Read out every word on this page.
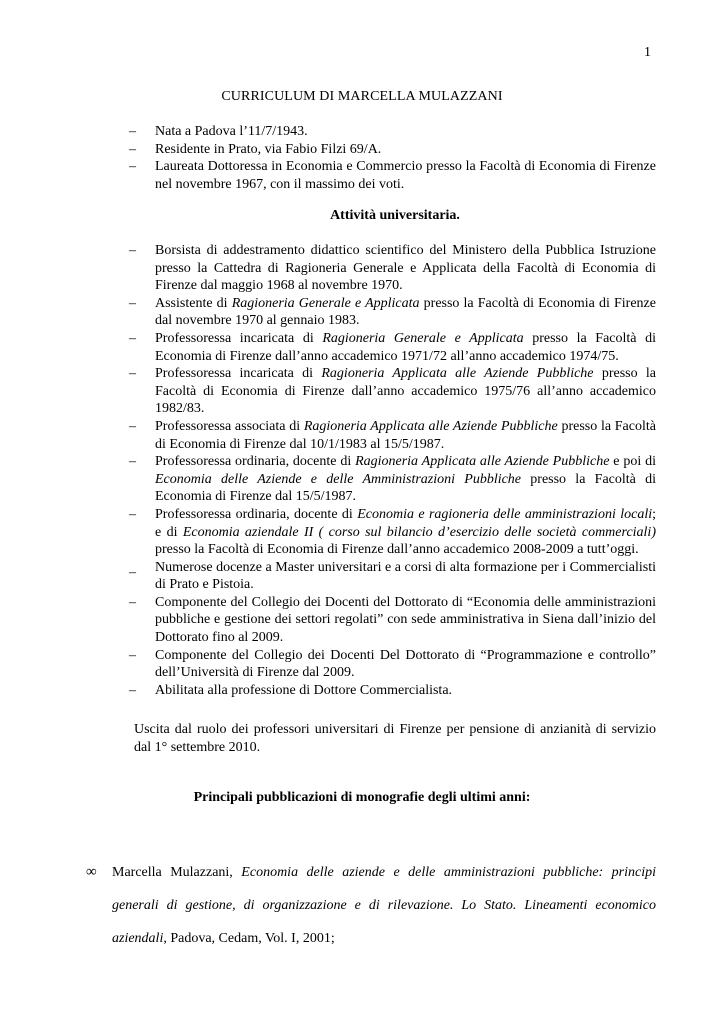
1
CURRICULUM DI MARCELLA MULAZZANI
– Nata a Padova l’11/7/1943.
– Residente in Prato, via Fabio Filzi 69/A.
– Laureata Dottoressa in Economia e Commercio presso la Facoltà di Economia di Firenze nel novembre 1967, con il massimo dei voti.
Attività universitaria.
– Borsista di addestramento didattico scientifico del Ministero della Pubblica Istruzione presso la Cattedra di Ragioneria Generale e Applicata della Facoltà di Economia di Firenze dal maggio 1968 al novembre 1970.
– Assistente di Ragioneria Generale e Applicata presso la Facoltà di Economia di Firenze dal novembre 1970 al gennaio 1983.
– Professoressa incaricata di Ragioneria Generale e Applicata presso la Facoltà di Economia di Firenze dall’anno accademico 1971/72 all’anno accademico 1974/75.
– Professoressa incaricata di Ragioneria Applicata alle Aziende Pubbliche presso la Facoltà di Economia di Firenze dall’anno accademico 1975/76 all’anno accademico 1982/83.
– Professoressa associata di Ragioneria Applicata alle Aziende Pubbliche presso la Facoltà di Economia di Firenze dal 10/1/1983 al 15/5/1987.
– Professoressa ordinaria, docente di Ragioneria Applicata alle Aziende Pubbliche e poi di Economia delle Aziende e delle Amministrazioni Pubbliche presso la Facoltà di Economia di Firenze dal 15/5/1987.
– Professoressa ordinaria, docente di Economia e ragioneria delle amministrazioni locali; e di Economia aziendale II ( corso sul bilancio d’esercizio delle società commerciali) presso la Facoltà di Economia di Firenze dall’anno accademico 2008-2009 a tutt’oggi.
– Numerose docenze a Master universitari e a corsi di alta formazione per i Commercialisti di Prato e Pistoia.
– Componente del Collegio dei Docenti del Dottorato di “Economia delle amministrazioni pubbliche e gestione dei settori regolati” con sede amministrativa in Siena dall’inizio del Dottorato fino al 2009.
– Componente del Collegio dei Docenti Del Dottorato di “Programmazione e controllo” dell’Università di Firenze dal 2009.
– Abilitata alla professione di Dottore Commercialista.
Uscita dal ruolo dei professori universitari di Firenze per pensione di anzianità di servizio dal 1° settembre 2010.
Principali pubblicazioni di monografie degli ultimi anni:
∞ Marcella Mulazzani, Economia delle aziende e delle amministrazioni pubbliche: principi generali di gestione, di organizzazione e di rilevazione. Lo Stato. Lineamenti economico aziendali, Padova, Cedam, Vol. I, 2001;
